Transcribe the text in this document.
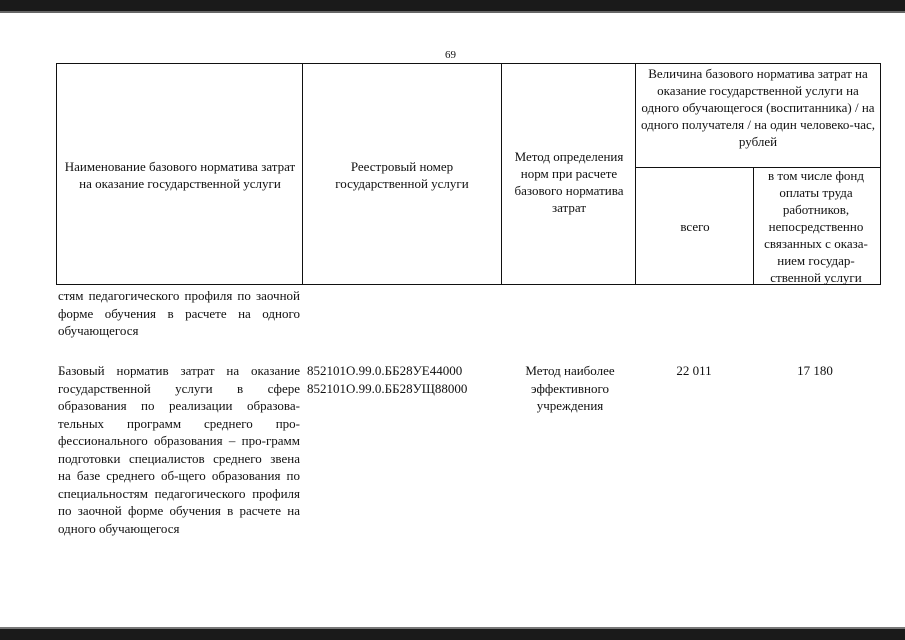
69
Наименование базового норматива затрат на оказание государственной услуги
Реестровый номер государственной услуги
Метод определения норм при расчете базового норматива затрат
Величина базового норматива затрат на оказание государственной услуги на одного обучающегося (воспитанника) / на одного получателя / на один человеко-час, рублей
всего
в том числе фонд оплаты труда работников, непосредственно связанных с оказа-нием государ-ственной услуги
стям педагогического профиля по заочной форме обучения в расчете на одного обучающегося
Базовый норматив затрат на оказание государственной услуги в сфере образования по реализации образова-тельных программ среднего про-фессионального образования – про-грамм подготовки специалистов среднего звена на базе среднего об-щего образования по специальностям педагогического профиля по заочной форме обучения в расчете на одного обучающегося
852101О.99.0.ББ28УЕ44000
852101О.99.0.ББ28УЩ88000
Метод наиболее эффективного учреждения
22 011	17 180
